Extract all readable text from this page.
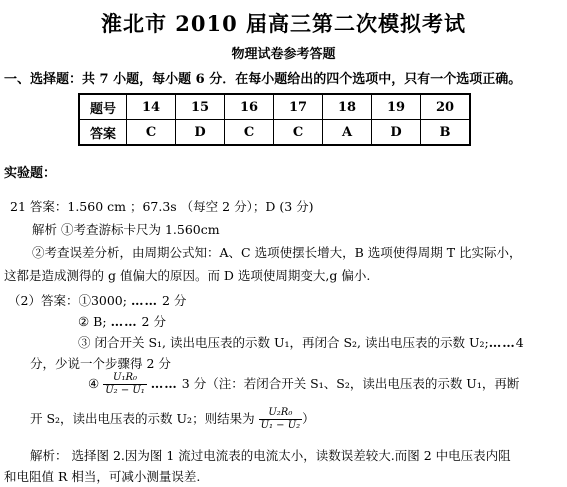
淮北市 2010 届高三第二次模拟考试
物理试卷参考答题
一、选择题：共 7 小题，每小题 6 分．在每小题给出的四个选项中，只有一个选项正确。
题号	14	15	16	17	18	19	20
答案	C	D	C	C	A	D	B
实验题：
21 答案：1.560 cm ；67.3s （每空 2 分）；D (3 分)
解析 ①考查游标卡尺为 1.560cm
②考查误差分析，由周期公式知：A、C 选项使摆长增大，B 选项使得周期 T 比实际小，
这都是造成测得的 g 值偏大的原因。而 D 选项使周期变大,g 偏小.
（2）答案：①3000; …… 2 分
② B; …… 2 分
③ 闭合开关 S₁, 读出电压表的示数 U₁，再闭合 S₂, 读出电压表的示数 U₂;……4
分，少说一个步骤得 2 分
④ $\frac{\text{U₁R₀}}{\text{U₂ − U₁}}$ …… 3 分（注：若闭合开关 S₁、S₂，读出电压表的示数 U₁，再断
开 S₂，读出电压表的示数 U₂；则结果为 $\frac{\text{U₂R₀}}{\text{U₁ − U₂}}$ ）
解析： 选择图 2.因为图 1 流过电流表的电流太小，读数误差较大.而图 2 中电压表内阻
和电阻值 R 相当，可减小测量误差.
